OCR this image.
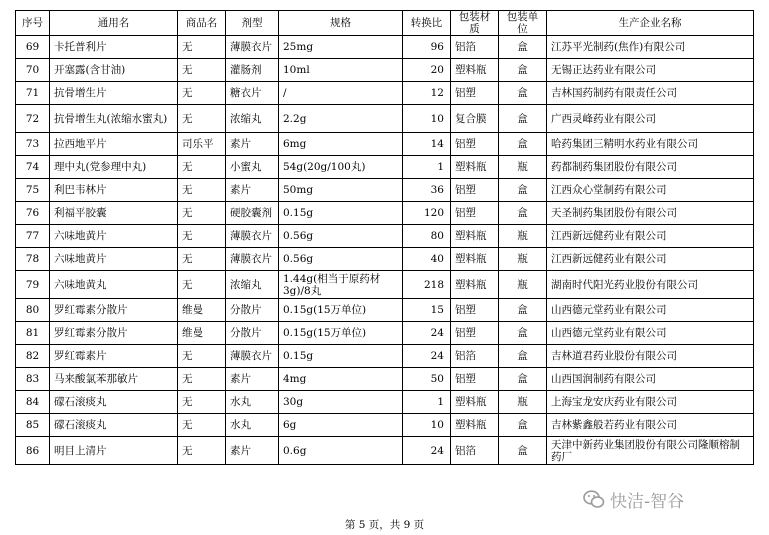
序号	通用名	商品名	剂型	规格	转换比	包装材质	包装单位	生产企业名称
69	卡托普利片	无	薄膜衣片	25mg	96	铝箔	盒	江苏平光制药(焦作)有限公司
70	开塞露(含甘油)	无	灌肠剂	10ml	20	塑料瓶	盒	无锡正达药业有限公司
71	抗骨增生片	无	糖衣片	/	12	铝塑	盒	吉林国药制药有限责任公司
72	抗骨增生丸(浓缩水蜜丸)	无	浓缩丸	2.2g	10	复合膜	盒	广西灵峰药业有限公司
73	拉西地平片	司乐平	素片	6mg	14	铝塑	盒	哈药集团三精明水药业有限公司
74	理中丸(党参理中丸)	无	小蜜丸	54g(20g/100丸)	1	塑料瓶	瓶	药都制药集团股份有限公司
75	利巴韦林片	无	素片	50mg	36	铝塑	盒	江西众心堂制药有限公司
76	利福平胶囊	无	硬胶囊剂	0.15g	120	铝塑	盒	天圣制药集团股份有限公司
77	六味地黄片	无	薄膜衣片	0.56g	80	塑料瓶	瓶	江西新远健药业有限公司
78	六味地黄片	无	薄膜衣片	0.56g	40	塑料瓶	瓶	江西新远健药业有限公司
79	六味地黄丸	无	浓缩丸	1.44g(相当于原药材3g)/8丸	218	塑料瓶	瓶	湖南时代阳光药业股份有限公司
80	罗红霉素分散片	维曼	分散片	0.15g(15万单位)	15	铝塑	盒	山西德元堂药业有限公司
81	罗红霉素分散片	维曼	分散片	0.15g(15万单位)	24	铝塑	盒	山西德元堂药业有限公司
82	罗红霉素片	无	薄膜衣片	0.15g	24	铝箔	盒	吉林道君药业股份有限公司
83	马来酸氯苯那敏片	无	素片	4mg	50	铝塑	盒	山西国润制药有限公司
84	礞石滚痰丸	无	水丸	30g	1	塑料瓶	瓶	上海宝龙安庆药业有限公司
85	礞石滚痰丸	无	水丸	6g	10	塑料瓶	盒	吉林紫鑫般若药业有限公司
86	明目上清片	无	素片	0.6g	24	铝箔	盒	天津中新药业集团股份有限公司隆顺榕制药厂
第 5 页，共 9 页
快洁-智谷
